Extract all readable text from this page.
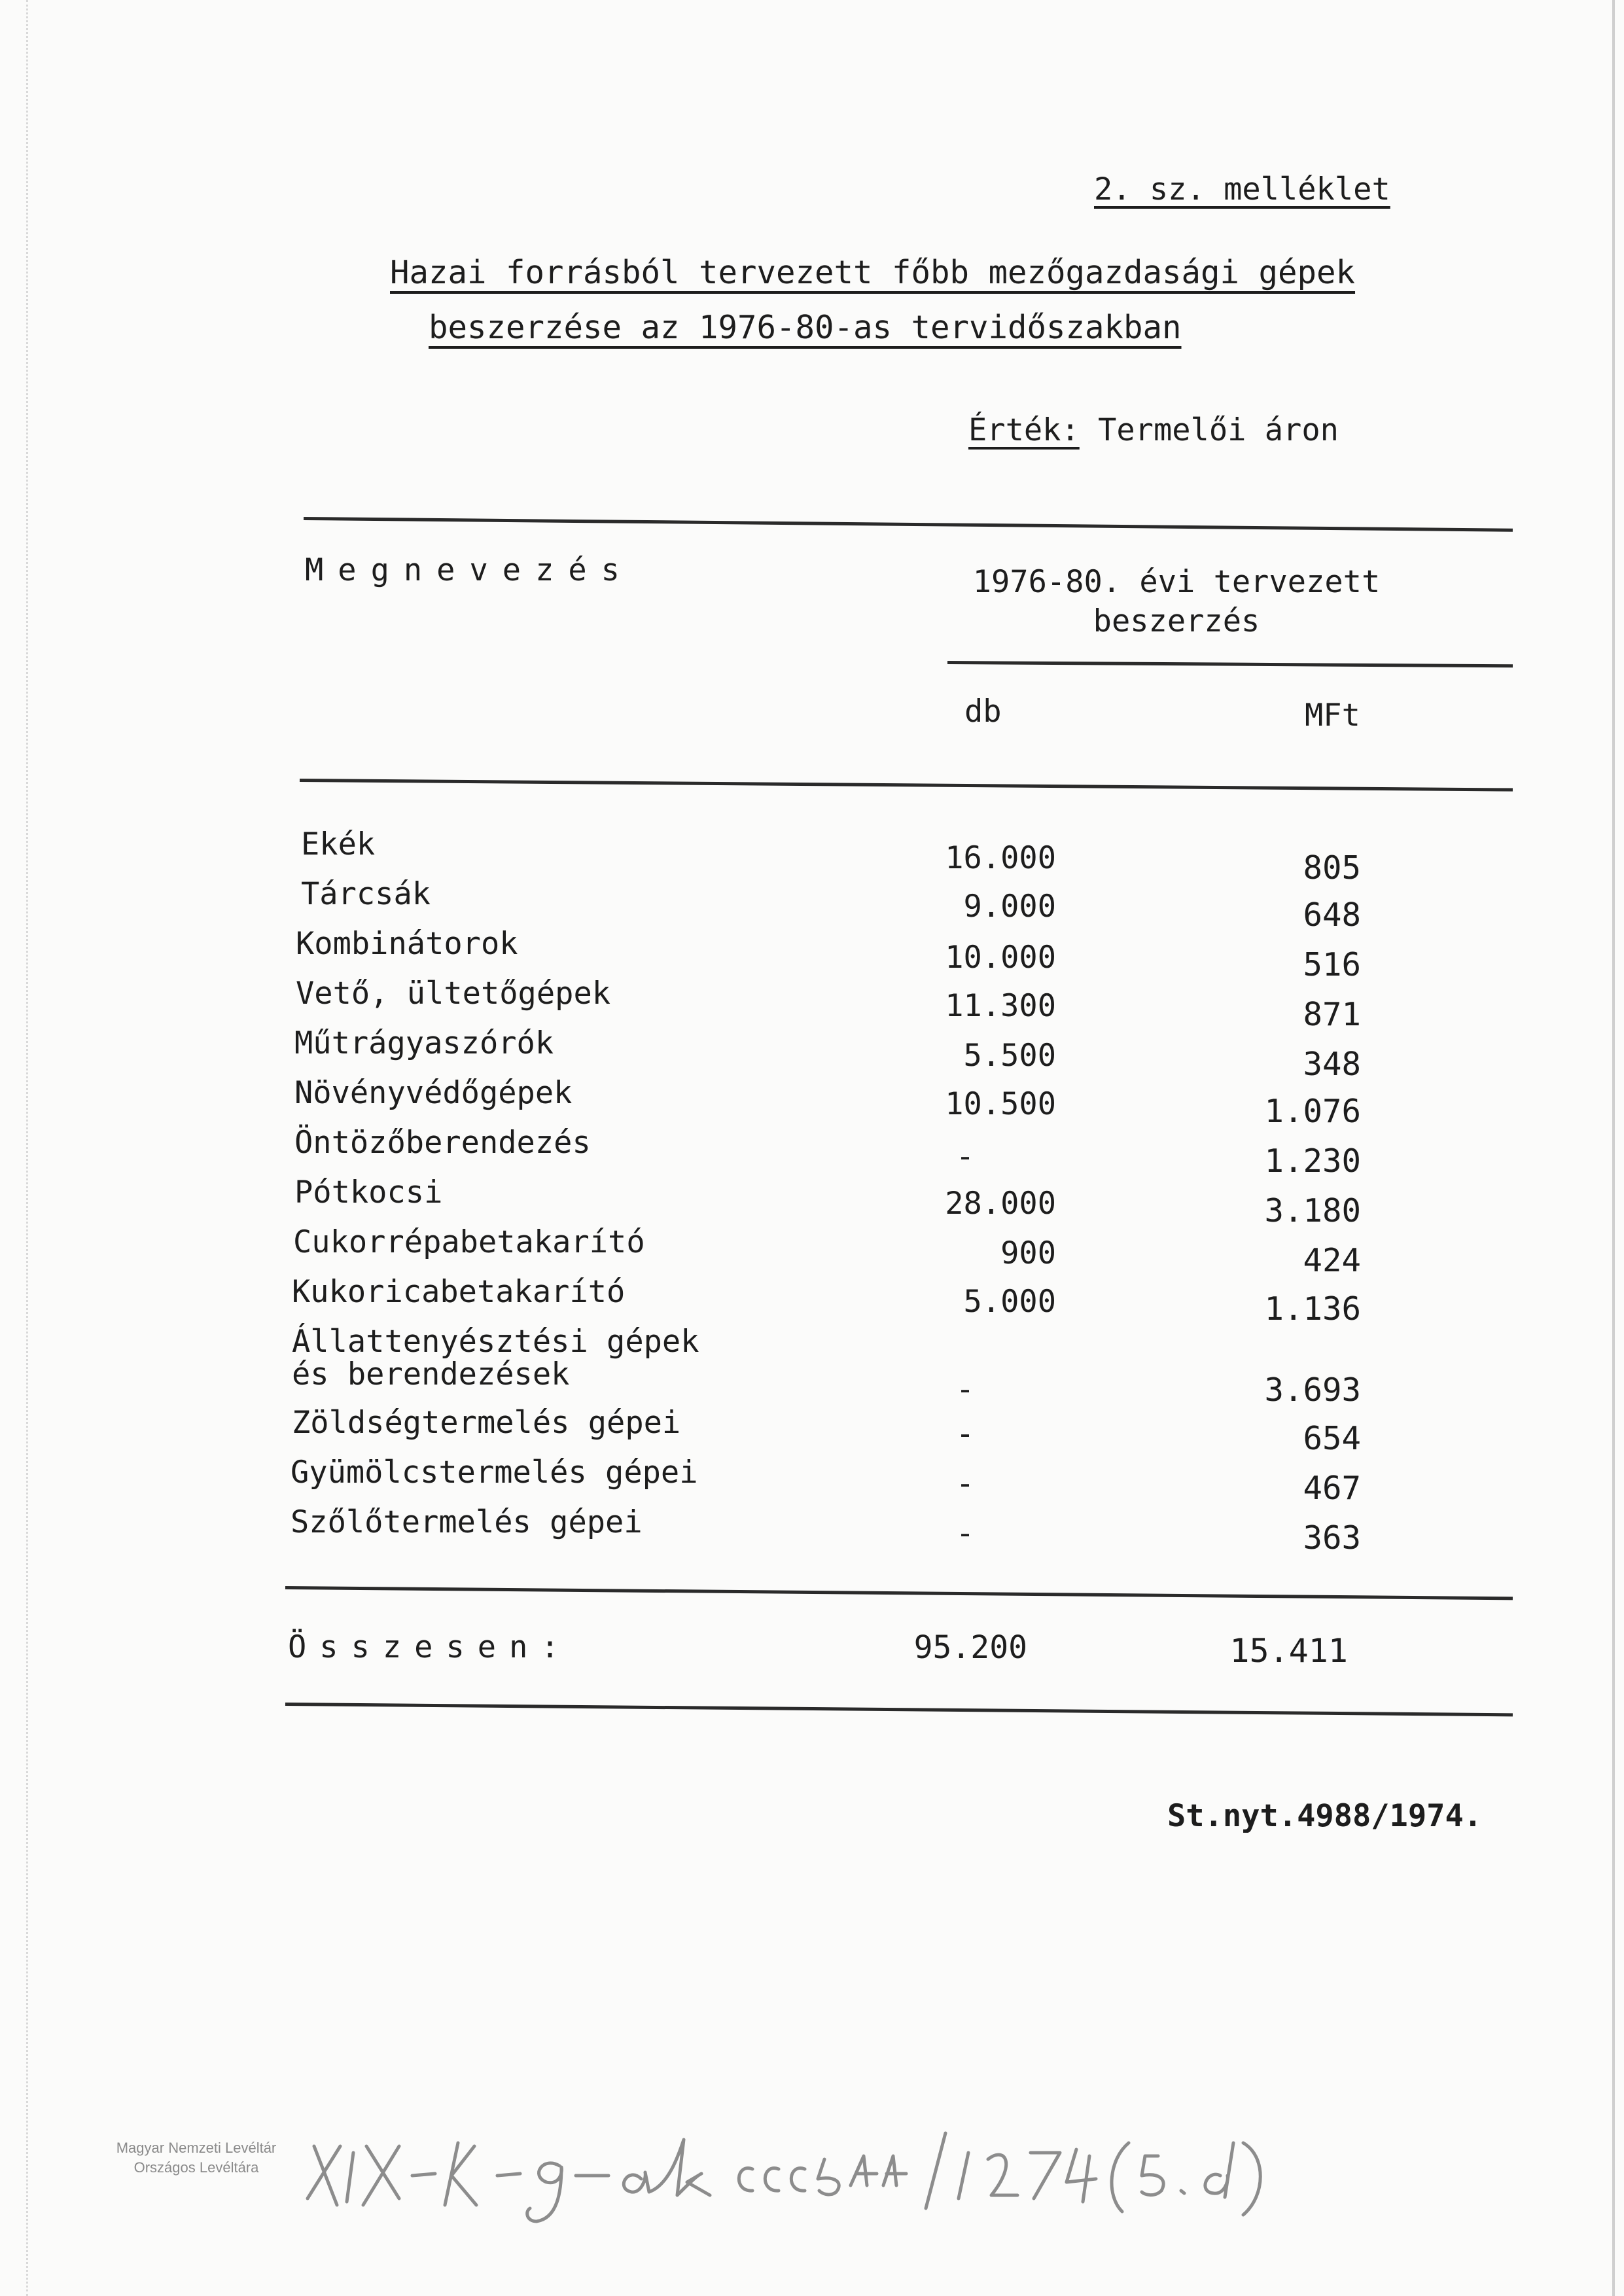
2. sz. melléklet
Hazai forrásból tervezett főbb mezőgazdasági gépek
beszerzése az 1976-80-as tervidőszakban
Érték: Termelői áron
Megnevezés	1976-80. évi tervezett beszerzés
db	MFt
Ekék	16.000	805
Tárcsák	9.000	648
Kombinátorok	10.000	516
Vető, ültetőgépek	11.300	871
Műtrágyaszórók	5.500	348
Növényvédőgépek	10.500	1.076
Öntözőberendezés	-	1.230
Pótkocsi	28.000	3.180
Cukorrépabetakarító	900	424
Kukoricabetakarító	5.000	1.136
Állattenyésztési gépek
és berendezések	-	3.693
Zöldségtermelés gépei	-	654
Gyümölcstermelés gépei	-	467
Szőlőtermelés gépei	-	363
Összesen:	95.200	15.411
St.nyt.4988/1974.
Magyar Nemzeti Levéltár
Országos Levéltára
